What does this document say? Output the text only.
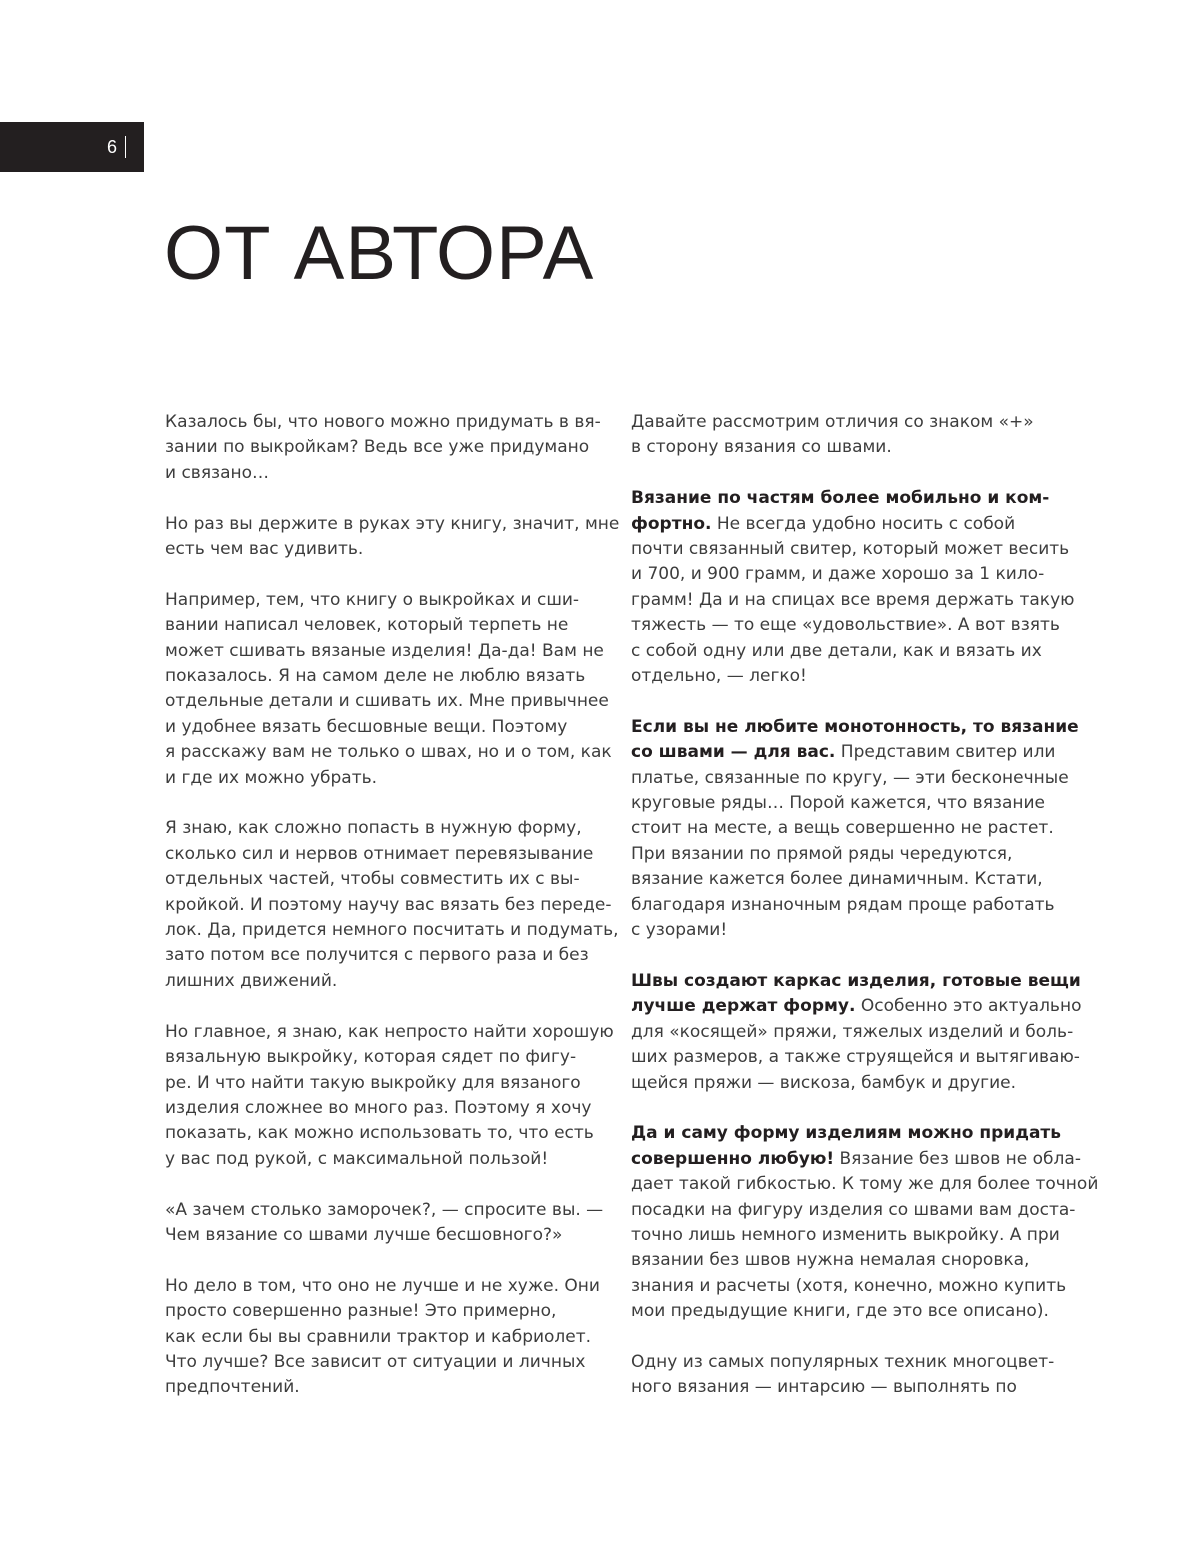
6
ОТ АВТОРА

Казалось бы, что нового можно придумать в вя-
зании по выкройкам? Ведь все уже придумано
и связано…

Но раз вы держите в руках эту книгу, значит, мне
есть чем вас удивить.

Например, тем, что книгу о выкройках и сши-
вании написал человек, который терпеть не
может сшивать вязаные изделия! Да-да! Вам не
показалось. Я на самом деле не люблю вязать
отдельные детали и сшивать их. Мне привычнее
и удобнее вязать бесшовные вещи. Поэтому
я расскажу вам не только о швах, но и о том, как
и где их можно убрать.

Я знаю, как сложно попасть в нужную форму,
сколько сил и нервов отнимает перевязывание
отдельных частей, чтобы совместить их с вы-
кройкой. И поэтому научу вас вязать без переде-
лок. Да, придется немного посчитать и подумать,
зато потом все получится с первого раза и без
лишних движений.

Но главное, я знаю, как непросто найти хорошую
вязальную выкройку, которая сядет по фигу-
ре. И что найти такую выкройку для вязаного
изделия сложнее во много раз. Поэтому я хочу
показать, как можно использовать то, что есть
у вас под рукой, с максимальной пользой!

«А зачем столько заморочек?, — спросите вы. —
Чем вязание со швами лучше бесшовного?»

Но дело в том, что оно не лучше и не хуже. Они
просто совершенно разные! Это примерно,
как если бы вы сравнили трактор и кабриолет.
Что лучше? Все зависит от ситуации и личных
предпочтений.

Давайте рассмотрим отличия со знаком «+»
в сторону вязания со швами.

Вязание по частям более мобильно и ком-
фортно. Не всегда удобно носить с собой
почти связанный свитер, который может весить
и 700, и 900 грамм, и даже хорошо за 1 кило-
грамм! Да и на спицах все время держать такую
тяжесть — то еще «удовольствие». А вот взять
с собой одну или две детали, как и вязать их
отдельно, — легко!

Если вы не любите монотонность, то вязание
со швами — для вас. Представим свитер или
платье, связанные по кругу, — эти бесконечные
круговые ряды… Порой кажется, что вязание
стоит на месте, а вещь совершенно не растет.
При вязании по прямой ряды чередуются,
вязание кажется более динамичным. Кстати,
благодаря изнаночным рядам проще работать
с узорами!

Швы создают каркас изделия, готовые вещи
лучше держат форму. Особенно это актуально
для «косящей» пряжи, тяжелых изделий и боль-
ших размеров, а также струящейся и вытягиваю-
щейся пряжи — вискоза, бамбук и другие.

Да и саму форму изделиям можно придать
совершенно любую! Вязание без швов не обла-
дает такой гибкостью. К тому же для более точной
посадки на фигуру изделия со швами вам доста-
точно лишь немного изменить выкройку. А при
вязании без швов нужна немалая сноровка,
знания и расчеты (хотя, конечно, можно купить
мои предыдущие книги, где это все описано).

Одну из самых популярных техник многоцвет-
ного вязания — интарсию — выполнять по
